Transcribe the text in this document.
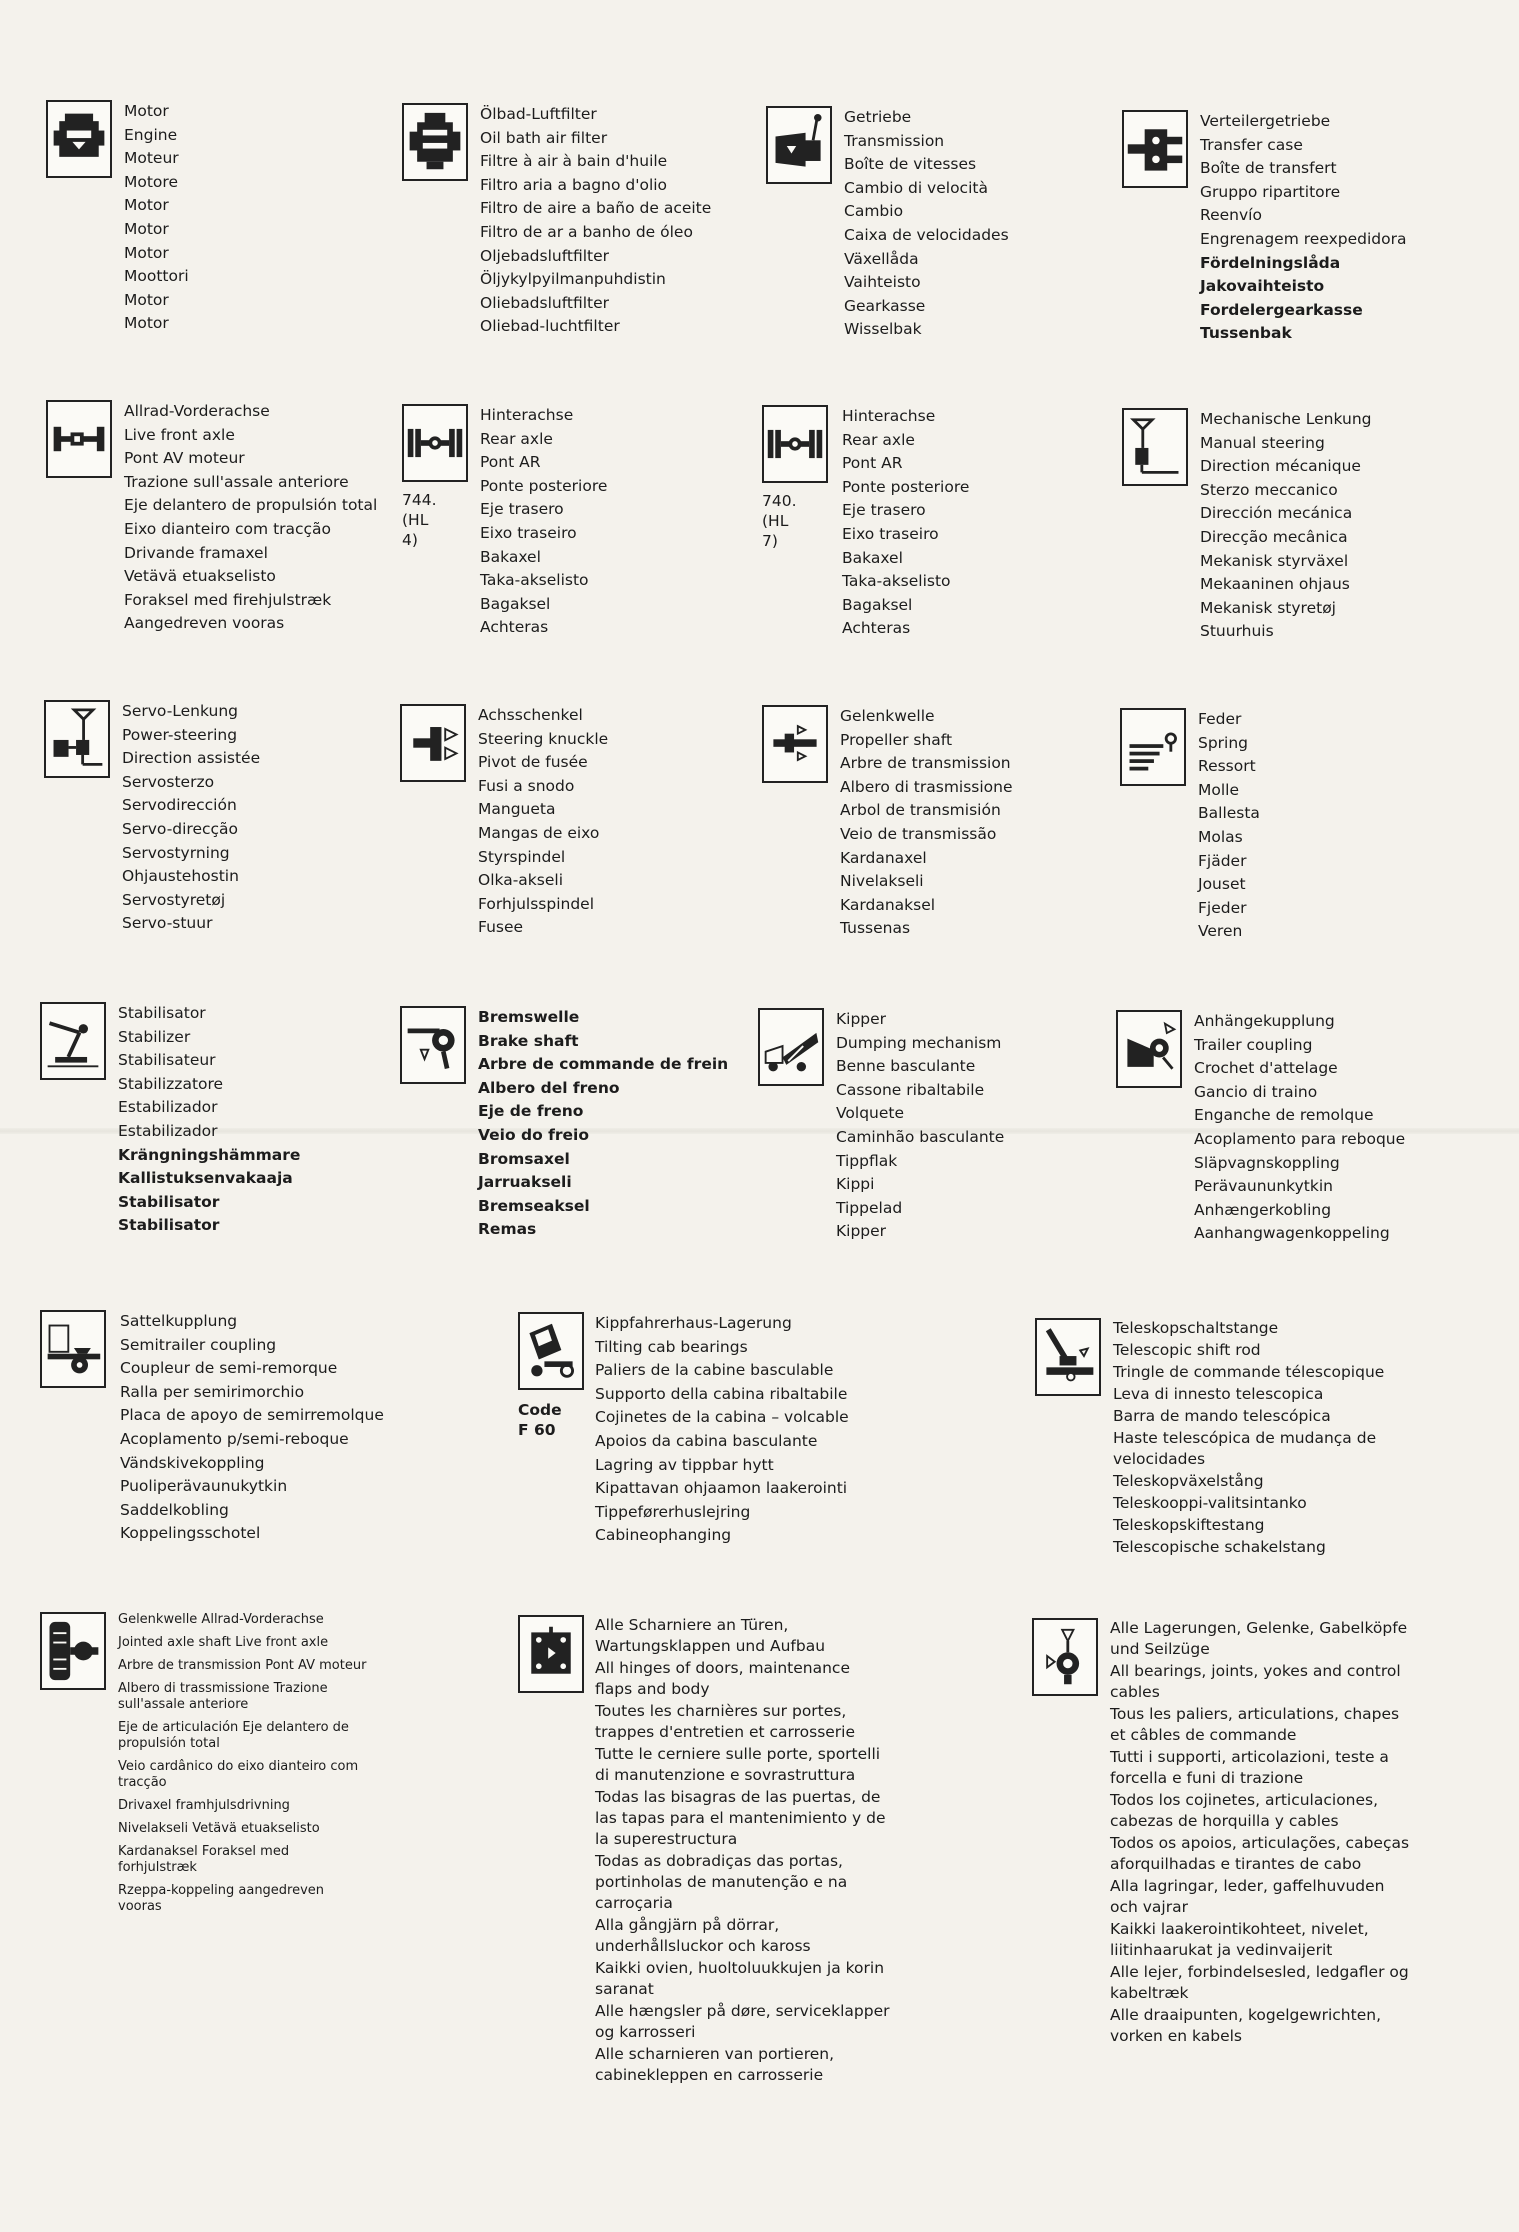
Motor
Engine
Moteur
Motore
Motor
Motor
Motor
Moottori
Motor
Motor
Ölbad-Luftfilter
Oil bath air filter
Filtre à air à bain d'huile
Filtro aria a bagno d'olio
Filtro de aire a baño de aceite
Filtro de ar a banho de óleo
Oljebadsluftfilter
Öljykylpyilmanpuhdistin
Oliebadsluftfilter
Oliebad-luchtfilter
Getriebe
Transmission
Boîte de vitesses
Cambio di velocità
Cambio
Caixa de velocidades
Växellåda
Vaihteisto
Gearkasse
Wisselbak
Verteilergetriebe
Transfer case
Boîte de transfert
Gruppo ripartitore
Reenvío
Engrenagem reexpedidora
Fördelningslåda
Jakovaihteisto
Fordelergearkasse
Tussenbak
Allrad-Vorderachse
Live front axle
Pont AV moteur
Trazione sull'assale anteriore
Eje delantero de propulsión total
Eixo dianteiro com tracção
Drivande framaxel
Vetävä etuakselisto
Foraksel med firehjulstræk
Aangedreven vooras
744.
(HL 4)
Hinterachse
Rear axle
Pont AR
Ponte posteriore
Eje trasero
Eixo traseiro
Bakaxel
Taka-akselisto
Bagaksel
Achteras
740.
(HL 7)
Hinterachse
Rear axle
Pont AR
Ponte posteriore
Eje trasero
Eixo traseiro
Bakaxel
Taka-akselisto
Bagaksel
Achteras
Mechanische Lenkung
Manual steering
Direction mécanique
Sterzo meccanico
Dirección mecánica
Direcção mecânica
Mekanisk styrväxel
Mekaaninen ohjaus
Mekanisk styretøj
Stuurhuis
Servo-Lenkung
Power-steering
Direction assistée
Servosterzo
Servodirección
Servo-direcção
Servostyrning
Ohjaustehostin
Servostyretøj
Servo-stuur
Achsschenkel
Steering knuckle
Pivot de fusée
Fusi a snodo
Mangueta
Mangas de eixo
Styrspindel
Olka-akseli
Forhjulsspindel
Fusee
Gelenkwelle
Propeller shaft
Arbre de transmission
Albero di trasmissione
Arbol de transmisión
Veio de transmissão
Kardanaxel
Nivelakseli
Kardanaksel
Tussenas
Feder
Spring
Ressort
Molle
Ballesta
Molas
Fjäder
Jouset
Fjeder
Veren
Stabilisator
Stabilizer
Stabilisateur
Stabilizzatore
Estabilizador
Estabilizador
Krängningshämmare
Kallistuksenvakaaja
Stabilisator
Stabilisator
Bremswelle
Brake shaft
Arbre de commande de frein
Albero del freno
Eje de freno
Veio do freio
Bromsaxel
Jarruakseli
Bremseaksel
Remas
Kipper
Dumping mechanism
Benne basculante
Cassone ribaltabile
Volquete
Caminhão basculante
Tippflak
Kippi
Tippelad
Kipper
Anhängekupplung
Trailer coupling
Crochet d'attelage
Gancio di traino
Enganche de remolque
Acoplamento para reboque
Släpvagnskoppling
Perävaununkytkin
Anhængerkobling
Aanhangwagenkoppeling
Sattelkupplung
Semitrailer coupling
Coupleur de semi-remorque
Ralla per semirimorchio
Placa de apoyo de semirremolque
Acoplamento p/semi-reboque
Vändskivekoppling
Puoliperävaunukytkin
Saddelkobling
Koppelingsschotel
Code
F 60
Kippfahrerhaus-Lagerung
Tilting cab bearings
Paliers de la cabine basculable
Supporto della cabina ribaltabile
Cojinetes de la cabina – volcable
Apoios da cabina basculante
Lagring av tippbar hytt
Kipattavan ohjaamon laakerointi
Tippeførerhuslejring
Cabineophanging
Teleskopschaltstange
Telescopic shift rod
Tringle de commande télescopique
Leva di innesto telescopica
Barra de mando telescópica
Haste telescópica de mudança de velocidades
Teleskopväxelstång
Teleskooppi-valitsintanko
Teleskopskiftestang
Telescopische schakelstang
Gelenkwelle Allrad-Vorderachse
Jointed axle shaft Live front axle
Arbre de transmission Pont AV moteur
Albero di trassmissione Trazione sull'assale anteriore
Eje de articulación Eje delantero de propulsión total
Veio cardânico do eixo dianteiro com tracção
Drivaxel framhjulsdrivning
Nivelakseli Vetävä etuakselisto
Kardanaksel Foraksel med forhjulstræk
Rzeppa-koppeling aangedreven vooras
Alle Scharniere an Türen, Wartungsklappen und Aufbau
All hinges of doors, maintenance flaps and body
Toutes les charnières sur portes, trappes d'entretien et carrosserie
Tutte le cerniere sulle porte, sportelli di manutenzione e sovrastruttura
Todas las bisagras de las puertas, de las tapas para el mantenimiento y de la superestructura
Todas as dobradiças das portas, portinholas de manutenção e na carroçaria
Alla gångjärn på dörrar, underhållsluckor och kaross
Kaikki ovien, huoltoluukkujen ja korin saranat
Alle hængsler på døre, serviceklapper og karrosseri
Alle scharnieren van portieren, cabinekleppen en carrosserie
Alle Lagerungen, Gelenke, Gabelköpfe und Seilzüge
All bearings, joints, yokes and control cables
Tous les paliers, articulations, chapes et câbles de commande
Tutti i supporti, articolazioni, teste a forcella e funi di trazione
Todos los cojinetes, articulaciones, cabezas de horquilla y cables
Todos os apoios, articulações, cabeças aforquilhadas e tirantes de cabo
Alla lagringar, leder, gaffelhuvuden och vajrar
Kaikki laakerointikohteet, nivelet, liitinhaarukat ja vedinvaijerit
Alle lejer, forbindelsesled, ledgafler og kabeltræk
Alle draaipunten, kogelgewrichten, vorken en kabels
